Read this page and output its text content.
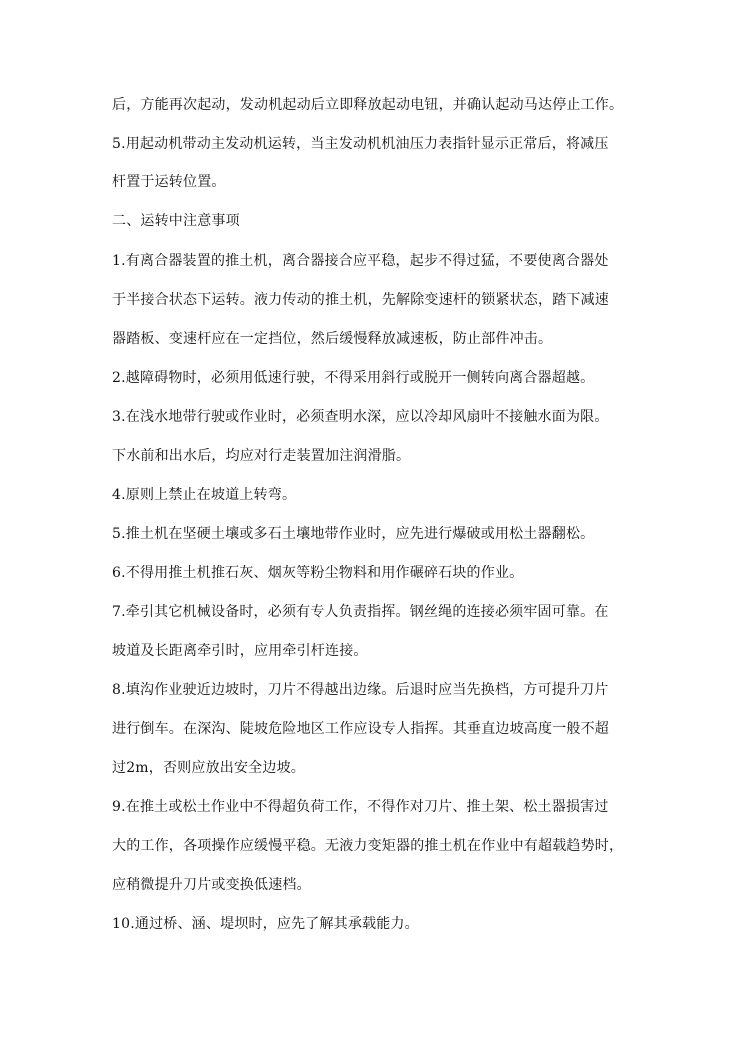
后，方能再次起动，发动机起动后立即释放起动电钮，并确认起动马达停止工作。
5.用起动机带动主发动机运转，当主发动机机油压力表指针显示正常后，将减压
杆置于运转位置。
二、运转中注意事项
1.有离合器装置的推土机，离合器接合应平稳，起步不得过猛，不要使离合器处
于半接合状态下运转。液力传动的推土机，先解除变速杆的锁紧状态，踏下减速
器踏板、变速杆应在一定挡位，然后缓慢释放减速板，防止部件冲击。
2.越障碍物时，必须用低速行驶，不得采用斜行或脱开一侧转向离合器超越。
3.在浅水地带行驶或作业时，必须查明水深，应以冷却风扇叶不接触水面为限。
下水前和出水后，均应对行走装置加注润滑脂。
4.原则上禁止在坡道上转弯。
5.推土机在坚硬土壤或多石土壤地带作业时，应先进行爆破或用松土器翻松。
6.不得用推土机推石灰、烟灰等粉尘物料和用作碾碎石块的作业。
7.牵引其它机械设备时，必须有专人负责指挥。钢丝绳的连接必须牢固可靠。在
坡道及长距离牵引时，应用牵引杆连接。
8.填沟作业驶近边坡时，刀片不得越出边缘。后退时应当先换档，方可提升刀片
进行倒车。在深沟、陡坡危险地区工作应设专人指挥。其垂直边坡高度一般不超
过2m，否则应放出安全边坡。
9.在推土或松土作业中不得超负荷工作，不得作对刀片、推土架、松土器损害过
大的工作，各项操作应缓慢平稳。无液力变矩器的推土机在作业中有超载趋势时，
应稍微提升刀片或变换低速档。
10.通过桥、涵、堤坝时，应先了解其承载能力。
